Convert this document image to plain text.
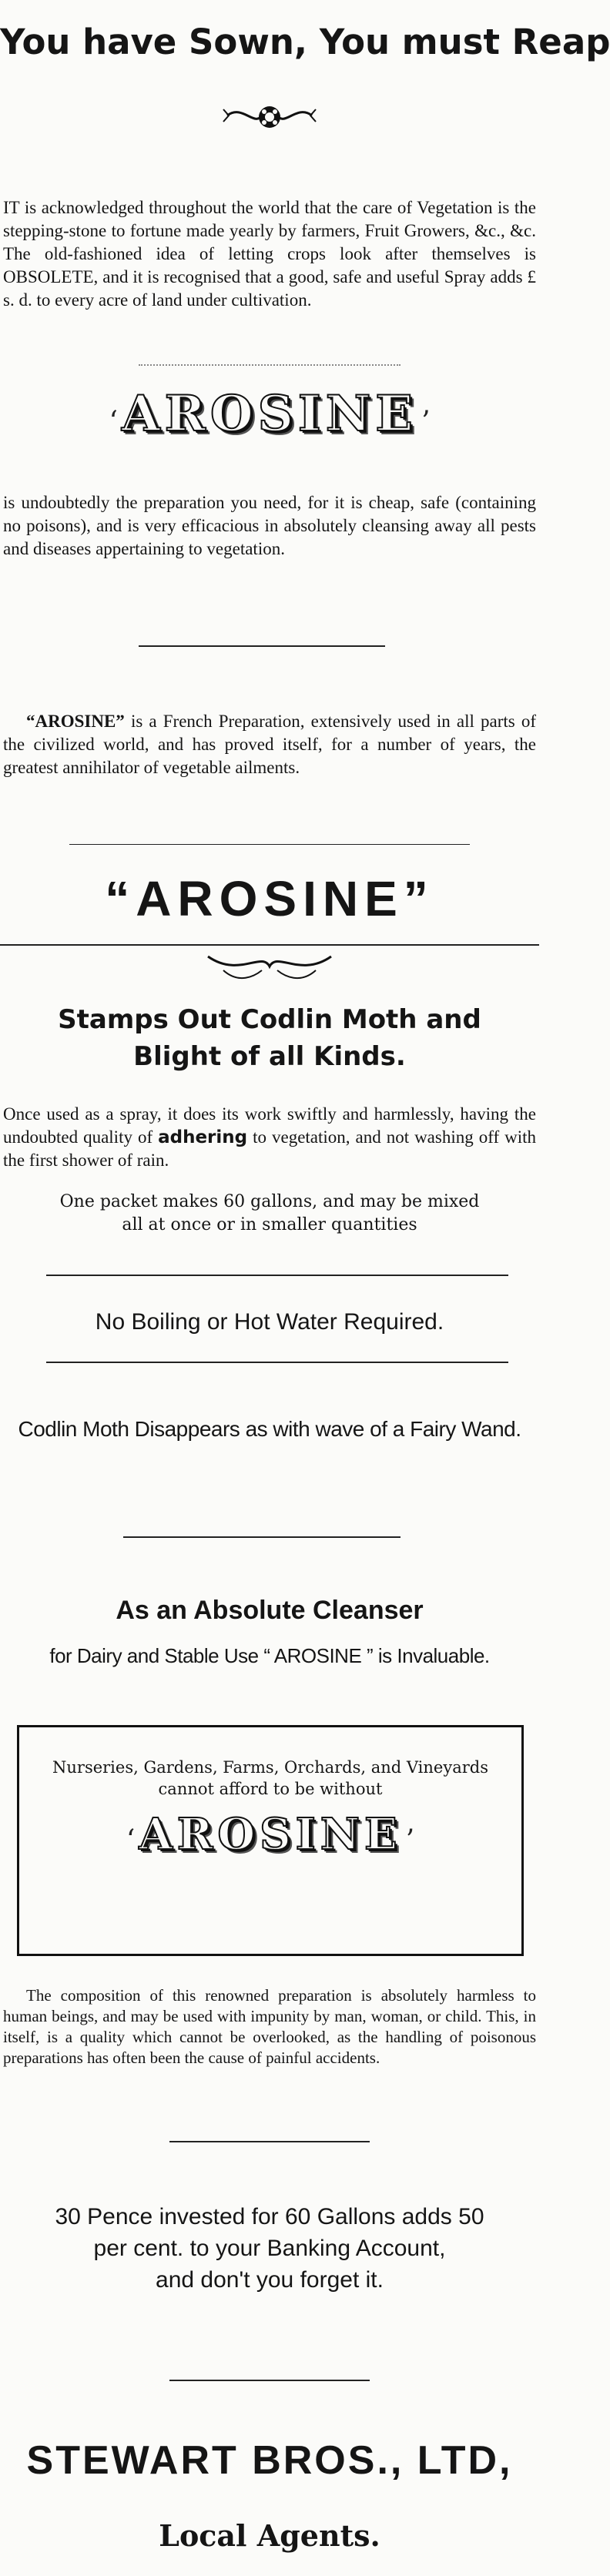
You have Sown, You must Reap
IT is acknowledged throughout the world that the care of Vegetation is the stepping-stone to fortune made yearly by farmers, Fruit Growers, &c., &c. The old-fashioned idea of letting crops look after themselves is OBSOLETE, and it is recognised that a good, safe and useful Spray adds £ s. d. to every acre of land under cultivation.
‘ AROSINE ’
is undoubtedly the preparation you need, for it is cheap, safe (containing no poisons), and is very efficacious in absolutely cleansing away all pests and diseases appertaining to vegetation.
“AROSINE” is a French Preparation, extensively used in all parts of the civilized world, and has proved itself, for a number of years, the greatest annihilator of vegetable ailments.
“AROSINE”
Stamps Out Codlin Moth and Blight of all Kinds.
Once used as a spray, it does its work swiftly and harmlessly, having the undoubted quality of adhering to vegetation, and not washing off with the first shower of rain.
One packet makes 60 gallons, and may be mixed
all at once or in smaller quantities
No Boiling or Hot Water Required.
Codlin Moth Disappears as with wave of a Fairy Wand.
As an Absolute Cleanser
for Dairy and Stable Use “ AROSINE ” is Invaluable.
Nurseries, Gardens, Farms, Orchards, and Vineyards
cannot afford to be without
‘ AROSINE ’
The composition of this renowned preparation is absolutely harmless to human beings, and may be used with impunity by man, woman, or child. This, in itself, is a quality which cannot be overlooked, as the handling of poisonous preparations has often been the cause of painful accidents.
30 Pence invested for 60 Gallons adds 50
per cent. to your Banking Account,
and don't you forget it.
STEWART BROS., LTD,
Local Agents.
